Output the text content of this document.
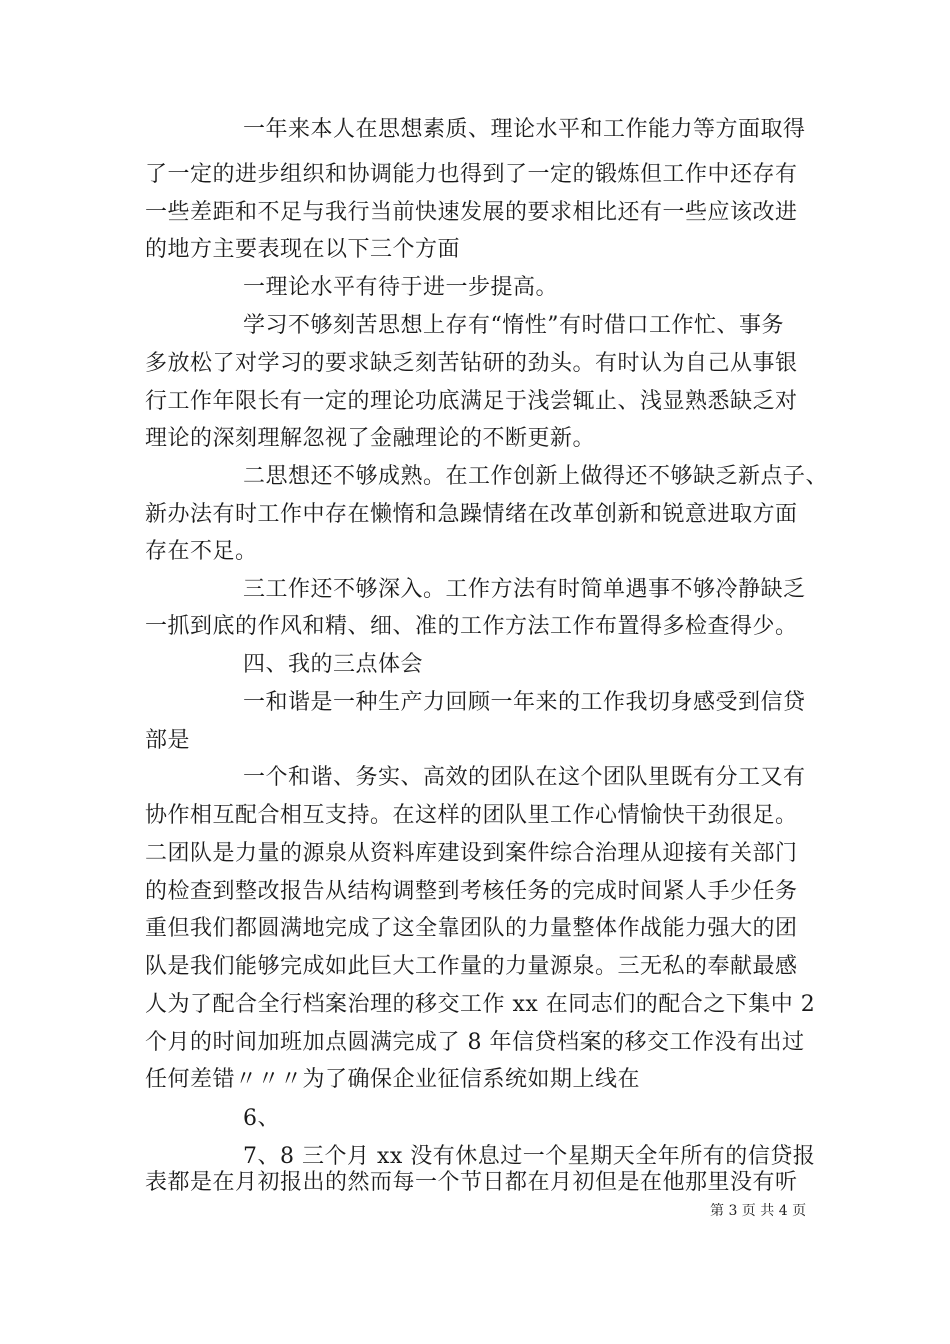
一年来本人在思想素质、理论水平和工作能力等方面取得
了一定的进步组织和协调能力也得到了一定的锻炼但工作中还存有
一些差距和不足与我行当前快速发展的要求相比还有一些应该改进
的地方主要表现在以下三个方面
一理论水平有待于进一步提高。
学习不够刻苦思想上存有“惰性”有时借口工作忙、事务
多放松了对学习的要求缺乏刻苦钻研的劲头。有时认为自己从事银
行工作年限长有一定的理论功底满足于浅尝辄止、浅显熟悉缺乏对
理论的深刻理解忽视了金融理论的不断更新。
二思想还不够成熟。在工作创新上做得还不够缺乏新点子、
新办法有时工作中存在懒惰和急躁情绪在改革创新和锐意进取方面
存在不足。
三工作还不够深入。工作方法有时简单遇事不够冷静缺乏
一抓到底的作风和精、细、准的工作方法工作布置得多检查得少。
四、我的三点体会
一和谐是一种生产力回顾一年来的工作我切身感受到信贷
部是
一个和谐、务实、高效的团队在这个团队里既有分工又有
协作相互配合相互支持。在这样的团队里工作心情愉快干劲很足。
二团队是力量的源泉从资料库建设到案件综合治理从迎接有关部门
的检查到整改报告从结构调整到考核任务的完成时间紧人手少任务
重但我们都圆满地完成了这全靠团队的力量整体作战能力强大的团
队是我们能够完成如此巨大工作量的力量源泉。三无私的奉献最感
人为了配合全行档案治理的移交工作 xx 在同志们的配合之下集中 2
个月的时间加班加点圆满完成了 8 年信贷档案的移交工作没有出过
任何差错〃〃〃为了确保企业征信系统如期上线在
6、
7、8 三个月 xx 没有休息过一个星期天全年所有的信贷报
表都是在月初报出的然而每一个节日都在月初但是在他那里没有听
第 3 页 共 4 页
